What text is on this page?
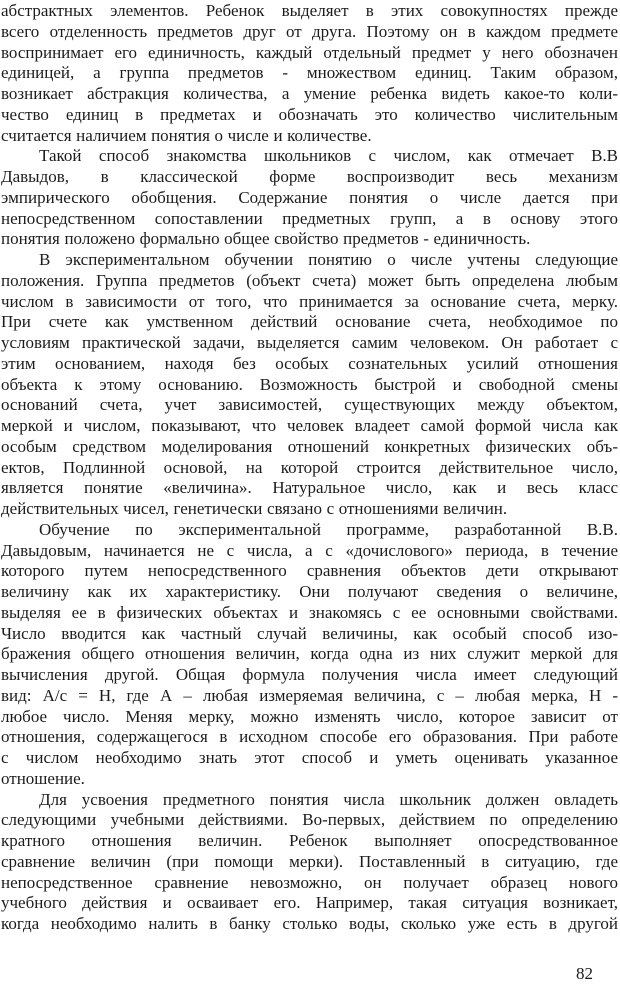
абстрактных элементов. Ребенок выделяет в этих совокупностях прежде
всего отделенность предметов друг от друга. Поэтому он в каждом предмете
воспринимает его единичность, каждый отдельный предмет у него обозначен
единицей, а группа предметов - множеством единиц. Таким образом,
возникает абстракция количества, а умение ребенка видеть какое-то коли-
чество единиц в предметах и обозначать это количество числительным
считается наличием понятия о числе и количестве.
Такой способ знакомства школьников с числом, как отмечает В.В
Давыдов, в классической форме воспроизводит весь механизм
эмпирического обобщения. Содержание понятия о числе дается при
непосредственном сопоставлении предметных групп, а в основу этого
понятия положено формально общее свойство предметов - единичность.
В экспериментальном обучении понятию о числе учтены следующие
положения. Группа предметов (объект счета) может быть определена любым
числом в зависимости от того, что принимается за основание счета, мерку.
При счете как умственном действий основание счета, необходимое по
условиям практической задачи, выделяется самим человеком. Он работает с
этим основанием, находя без особых сознательных усилий отношения
объекта к этому основанию. Возможность быстрой и свободной смены
оснований счета, учет зависимостей, существующих между объектом,
меркой и числом, показывают, что человек владеет самой формой числа как
особым средством моделирования отношений конкретных физических объ-
ектов, Подлинной основой, на которой строится действительное число,
является понятие «величина». Натуральное число, как и весь класс
действительных чисел, генетически связано с отношениями величин.
Обучение по экспериментальной программе, разработанной В.В.
Давыдовым, начинается не с числа, а с «дочислового» периода, в течение
которого путем непосредственного сравнения объектов дети открывают
величину как их характеристику. Они получают сведения о величине,
выделяя ее в физических объектах и знакомясь с ее основными свойствами.
Число вводится как частный случай величины, как особый способ изо-
бражения общего отношения величин, когда одна из них служит меркой для
вычисления другой. Общая формула получения числа имеет следующий
вид: А/с = Н, где А – любая измеряемая величина, с – любая мерка, Н -
любое число. Меняя мерку, можно изменять число, которое зависит от
отношения, содержащегося в исходном способе его образования. При работе
с числом необходимо знать этот способ и уметь оценивать указанное
отношение.
Для усвоения предметного понятия числа школьник должен овладеть
следующими учебными действиями. Во-первых, действием по определению
кратного отношения величин. Ребенок выполняет опосредствованное
сравнение величин (при помощи мерки). Поставленный в ситуацию, где
непосредственное сравнение невозможно, он получает образец нового
учебного действия и осваивает его. Например, такая ситуация возникает,
когда необходимо налить в банку столько воды, сколько уже есть в другой
82
